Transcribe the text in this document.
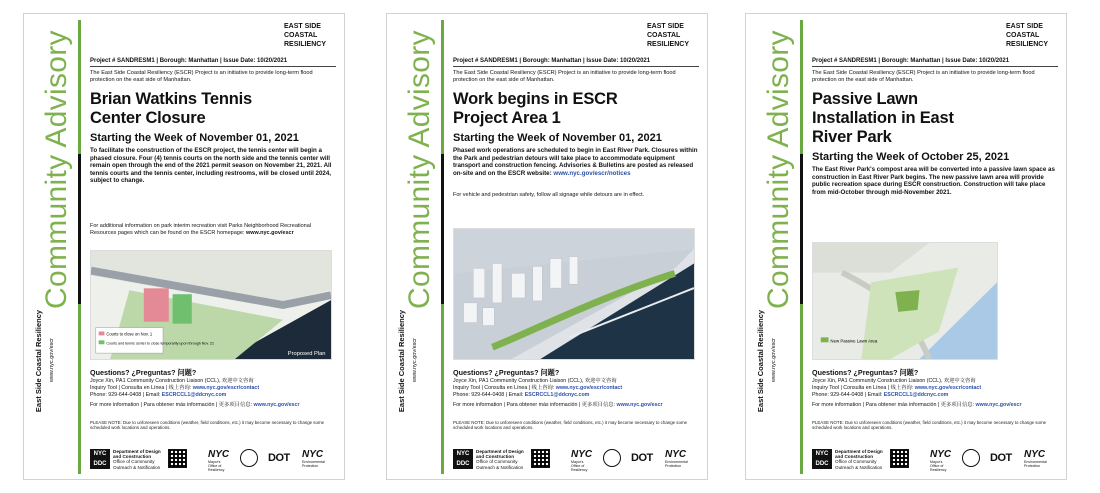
Community Advisory
East Side Coastal Resiliency	www.nyc.gov/escr
EAST SIDE
COASTAL
RESILIENCY
Project # SANDRESM1 | Borough: Manhattan | Issue Date: 10/20/2021
The East Side Coastal Resiliency (ESCR) Project is an initiative to provide long-term flood protection on the east side of Manhattan.
Brian Watkins Tennis
Center Closure
Starting the Week of November 01, 2021
To facilitate the construction of the ESCR project, the tennis center will begin a phased closure. Four (4) tennis courts on the north side and the tennis center will remain open through the end of the 2021 permit season on November 21, 2021. All tennis courts and the tennis center, including restrooms, will be closed until 2024, subject to change.
For additional information on park interim recreation visit Parks Neighborhood Recreational Resources pages which can be found on the ESCR homepage: www.nyc.gov/escr
Courts to close on Nov. 1
Courts and tennis center to close temporarily upon through Nov. 21
Proposed Plan
Questions? ¿Preguntas? 问题?
Joyce Xin, PA1 Community Construction Liaison (CCL), 欢迎中文咨询
Inquiry Tool | Consulta en Línea | 线上咨询: www.nyc.gov/escr/contact
Phone: 929-644-0408 | Email: ESCRCCL1@ddcnyc.com
For more information | Para obtener más información | 更多项目信息: www.nyc.gov/escr
PLEASE NOTE: Due to unforeseen conditions (weather, field conditions, etc.) it may become necessary to change some scheduled work locations and operations.
NYC DDC
Department of Design and Construction
Office of Community Outreach & Notification
NYC
Mayor's Office of Resiliency
DOT NYC
Environmental Protection
Community Advisory
East Side Coastal Resiliency	www.nyc.gov/escr
EAST SIDE
COASTAL
RESILIENCY
Project # SANDRESM1 | Borough: Manhattan | Issue Date: 10/20/2021
The East Side Coastal Resiliency (ESCR) Project is an initiative to provide long-term flood protection on the east side of Manhattan.
Work begins in ESCR
Project Area 1
Starting the Week of November 01, 2021
Phased work operations are scheduled to begin in East River Park. Closures within the Park and pedestrian detours will take place to accommodate equipment transport and construction fencing. Advisories & Bulletins are posted as released on-site and on the ESCR website: www.nyc.gov/escr/notices
For vehicle and pedestrian safety, follow all signage while detours are in effect.
Questions? ¿Preguntas? 问题?
Joyce Xin, PA1 Community Construction Liaison (CCL), 欢迎中文咨询
Inquiry Tool | Consulta en Línea | 线上咨询: www.nyc.gov/escr/contact
Phone: 929-644-0408 | Email: ESCRCCL1@ddcnyc.com
For more information | Para obtener más información | 更多项目信息: www.nyc.gov/escr
PLEASE NOTE: Due to unforeseen conditions (weather, field conditions, etc.) it may become necessary to change some scheduled work locations and operations.
NYC DDC
Department of Design and Construction
Office of Community Outreach & Notification
NYC
Mayor's Office of Resiliency
DOT NYC
Environmental Protection
Community Advisory
East Side Coastal Resiliency	www.nyc.gov/escr
EAST SIDE
COASTAL
RESILIENCY
Project # SANDRESM1 | Borough: Manhattan | Issue Date: 10/20/2021
The East Side Coastal Resiliency (ESCR) Project is an initiative to provide long-term flood protection on the east side of Manhattan.
Passive Lawn
Installation in East
River Park
Starting the Week of October 25, 2021
The East River Park's compost area will be converted into a passive lawn space as construction in East River Park begins. The new passive lawn area will provide public recreation space during ESCR construction. Construction will take place from mid-October through mid-November 2021.
New Passive Lawn Area
Questions? ¿Preguntas? 问题?
Joyce Xin, PA1 Community Construction Liaison (CCL), 欢迎中文咨询
Inquiry Tool | Consulta en Línea | 线上咨询: www.nyc.gov/escr/contact
Phone: 929-644-0408 | Email: ESCRCCL1@ddcnyc.com
For more information | Para obtener más información | 更多项目信息: www.nyc.gov/escr
PLEASE NOTE: Due to unforeseen conditions (weather, field conditions, etc.) it may become necessary to change some scheduled work locations and operations.
NYC DDC
Department of Design and Construction
Office of Community Outreach & Notification
NYC
Mayor's Office of Resiliency
DOT NYC
Environmental Protection
